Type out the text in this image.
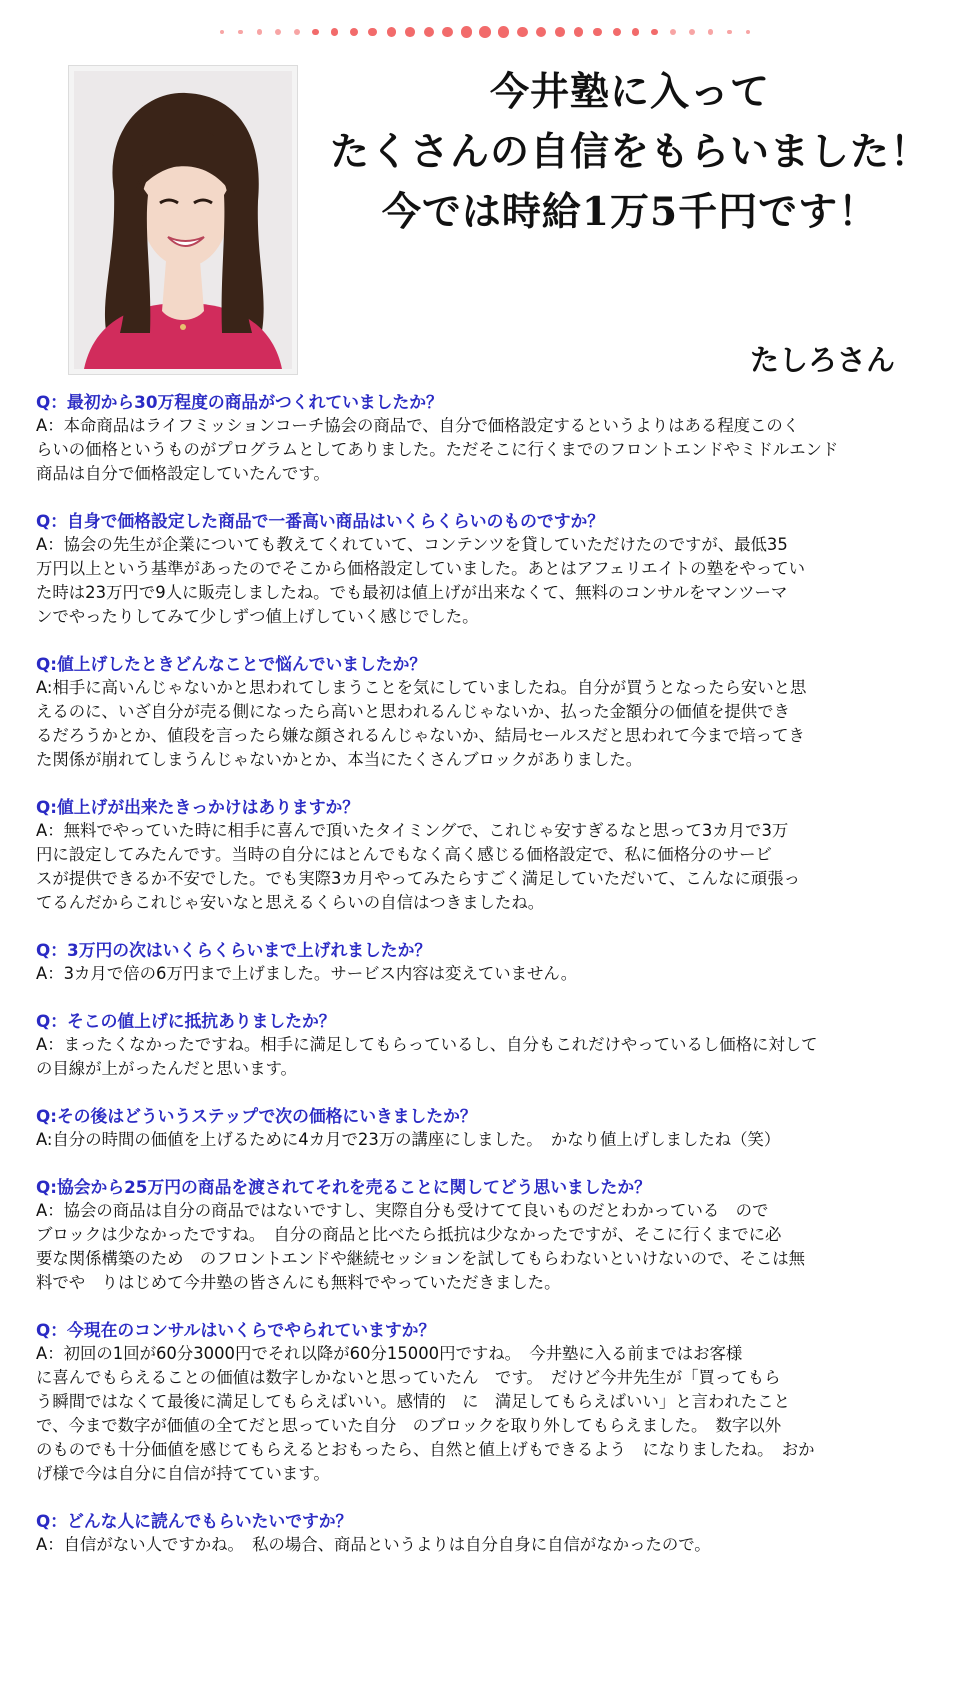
今井塾に入って
たくさんの自信をもらいました！
今では時給1万5千円です！
たしろさん
Q：最初から30万程度の商品がつくれていましたか？
A：本命商品はライフミッションコーチ協会の商品で、自分で価格設定するというよりはある程度このく
らいの価格というものがプログラムとしてありました。ただそこに行くまでのフロントエンドやミドルエンド
商品は自分で価格設定していたんです。
Q：自身で価格設定した商品で一番高い商品はいくらくらいのものですか？
A：協会の先生が企業についても教えてくれていて、コンテンツを貸していただけたのですが、最低35
万円以上という基準があったのでそこから価格設定していました。あとはアフェリエイトの塾をやってい
た時は23万円で9人に販売しましたね。でも最初は値上げが出来なくて、無料のコンサルをマンツーマ
ンでやったりしてみて少しずつ値上げしていく感じでした。
Q:値上げしたときどんなことで悩んでいましたか？
A:相手に高いんじゃないかと思われてしまうことを気にしていましたね。自分が買うとなったら安いと思
えるのに、いざ自分が売る側になったら高いと思われるんじゃないか、払った金額分の価値を提供でき
るだろうかとか、値段を言ったら嫌な顔されるんじゃないか、結局セールスだと思われて今まで培ってき
た関係が崩れてしまうんじゃないかとか、本当にたくさんブロックがありました。
Q:値上げが出来たきっかけはありますか？
A：無料でやっていた時に相手に喜んで頂いたタイミングで、これじゃ安すぎるなと思って3カ月で3万
円に設定してみたんです。当時の自分にはとんでもなく高く感じる価格設定で、私に価格分のサービ
スが提供できるか不安でした。でも実際3カ月やってみたらすごく満足していただいて、こんなに頑張っ
てるんだからこれじゃ安いなと思えるくらいの自信はつきましたね。
Q：3万円の次はいくらくらいまで上げれましたか？
A：3カ月で倍の6万円まで上げました。サービス内容は変えていません。
Q：そこの値上げに抵抗ありましたか？
A：まったくなかったですね。相手に満足してもらっているし、自分もこれだけやっているし価格に対して
の目線が上がったんだと思います。
Q:その後はどういうステップで次の価格にいきましたか？
A:自分の時間の価値を上げるために4カ月で23万の講座にしました。　かなり値上げしましたね（笑）
Q:協会から25万円の商品を渡されてそれを売ることに関してどう思いましたか？
A：協会の商品は自分の商品ではないですし、実際自分も受けてて良いものだとわかっている　ので
ブロックは少なかったですね。　自分の商品と比べたら抵抗は少なかったですが、そこに行くまでに必
要な関係構築のため　のフロントエンドや継続セッションを試してもらわないといけないので、そこは無
料でや　りはじめて今井塾の皆さんにも無料でやっていただきました。
Q：今現在のコンサルはいくらでやられていますか？
A：初回の1回が60分3000円でそれ以降が60分15000円ですね。　今井塾に入る前まではお客様
に喜んでもらえることの価値は数字しかないと思っていたん　です。　だけど今井先生が「買ってもら
う瞬間ではなくて最後に満足してもらえばいい。感情的　に　満足してもらえばいい」と言われたこと
で、今まで数字が価値の全てだと思っていた自分　のブロックを取り外してもらえました。　数字以外
のものでも十分価値を感じてもらえるとおもったら、自然と値上げもできるよう　になりましたね。　おか
げ様で今は自分に自信が持てています。
Q：どんな人に読んでもらいたいですか？
A：自信がない人ですかね。　私の場合、商品というよりは自分自身に自信がなかったので。
